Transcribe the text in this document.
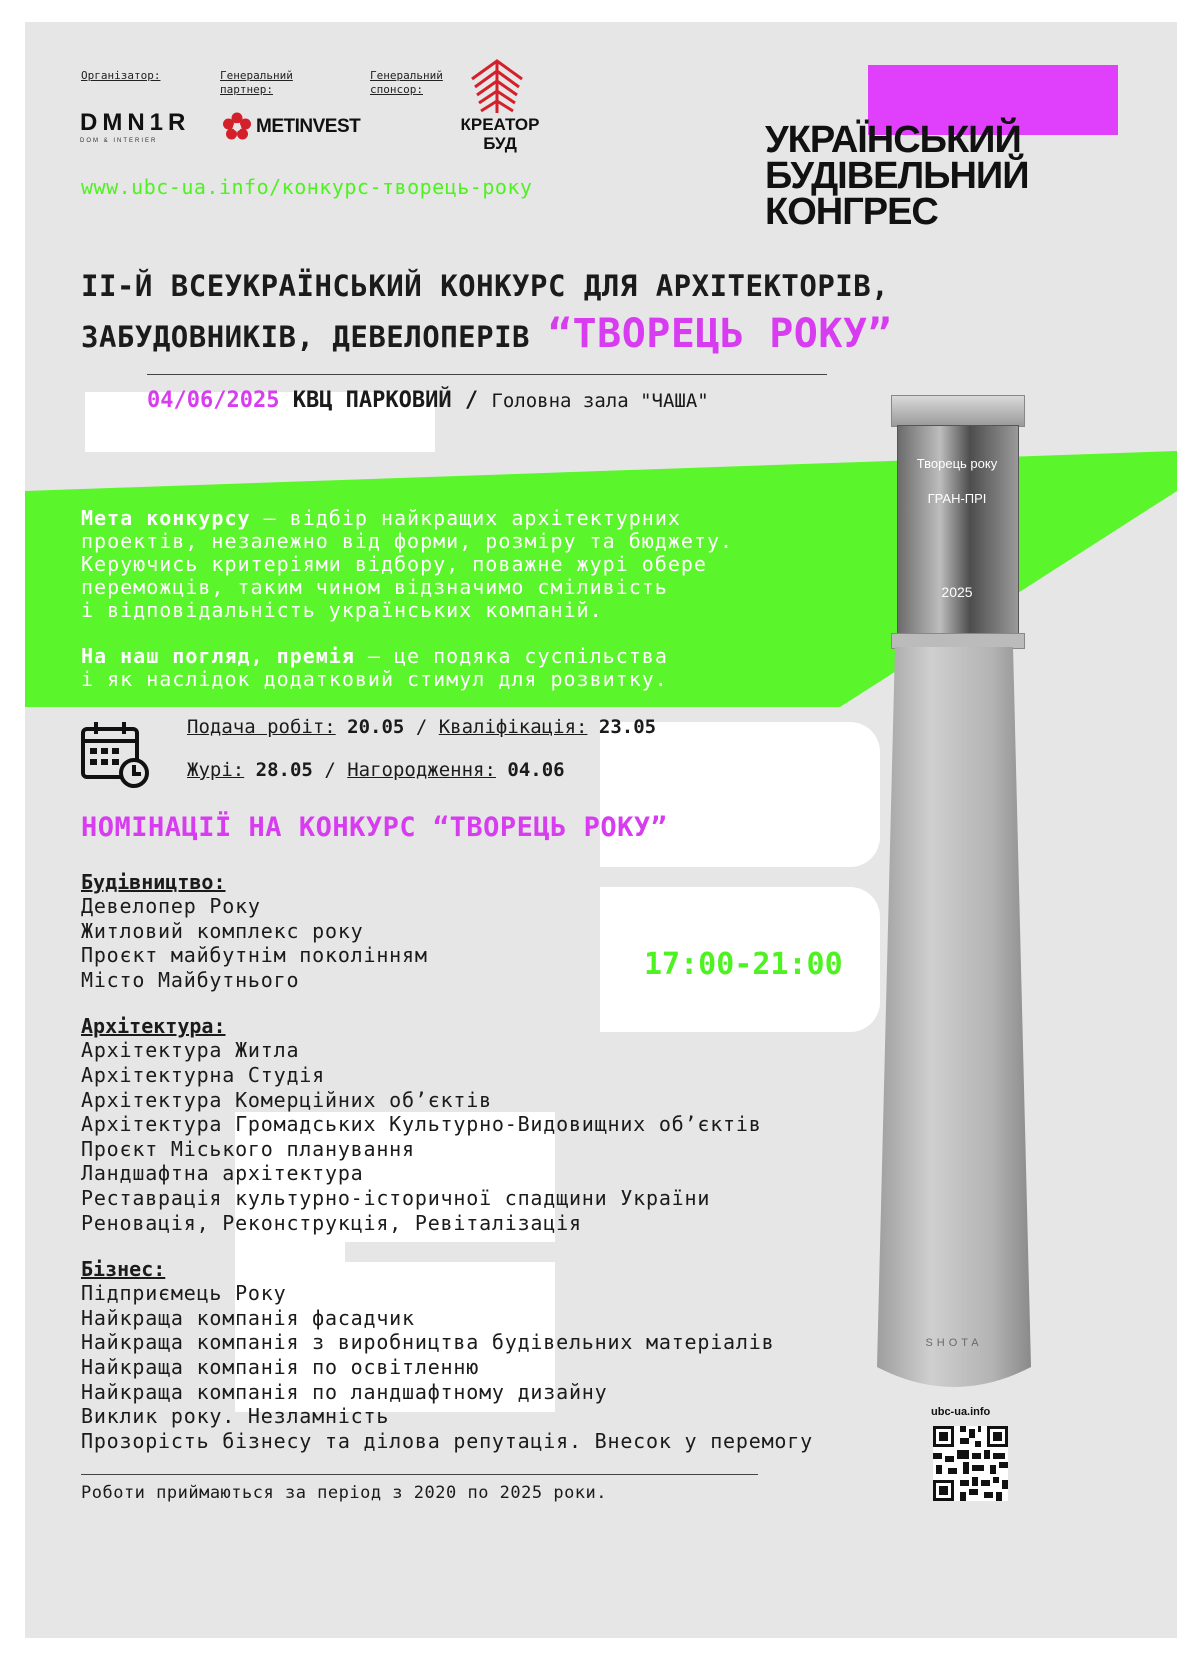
Організатор:	Генеральний
партнер:
Генеральний
спонсор:
DMN1R
DOM & INTERIER
METINVEST	КРЕАТОР
БУД
www.ubc-ua.info/конкурс-творець-року
УКРАЇНСЬКИЙ
БУДІВЕЛЬНИЙ
КОНГРЕС
ІІ-Й ВСЕУКРАЇНСЬКИЙ КОНКУРС ДЛЯ АРХІТЕКТОРІВ,
ЗАБУДОВНИКІВ, ДЕВЕЛОПЕРІВ “ТВОРЕЦЬ РОКУ”
04/06/2025 КВЦ ПАРКОВИЙ / Головна зала "ЧАША"
Мета конкурсу – відбір найкращих архітектурних
проектів, незалежно від форми, розміру та бюджету.
Керуючись критеріями відбору, поважне журі обере
переможців, таким чином відзначимо сміливість
і відповідальність українських компаній.
На наш погляд, премія – це подяка суспільства
і як наслідок додатковий стимул для розвитку.
Творець року
ГРАН-ПРІ
2025
SHOTA
Подача робіт: 20.05 / Кваліфікація: 23.05
Журі: 28.05 / Нагородження: 04.06
НОМІНАЦІЇ НА КОНКУРС “ТВОРЕЦЬ РОКУ”
17:00-21:00
Будівництво:
Девелопер Року
Житловий комплекс року
Проєкт майбутнім поколінням
Місто Майбутнього
Архітектура:
Архітектура Житла
Архітектурна Студія
Архітектура Комерційних об’єктів
Архітектура Громадських Культурно-Видовищних об’єктів
Проєкт Міського планування
Ландшафтна архітектура
Реставрація культурно-історичної спадщини України
Реновація, Реконструкція, Ревіталізація
Бізнес:
Підприємець Року
Найкраща компанія фасадчик
Найкраща компанія з виробництва будівельних матеріалів
Найкраща компанія по освітленню
Найкраща компанія по ландшафтному дизайну
Виклик року. Незламність
Прозорість бізнесу та ділова репутація. Внесок у перемогу
Роботи приймаються за період з 2020 по 2025 роки.
ubc-ua.info
